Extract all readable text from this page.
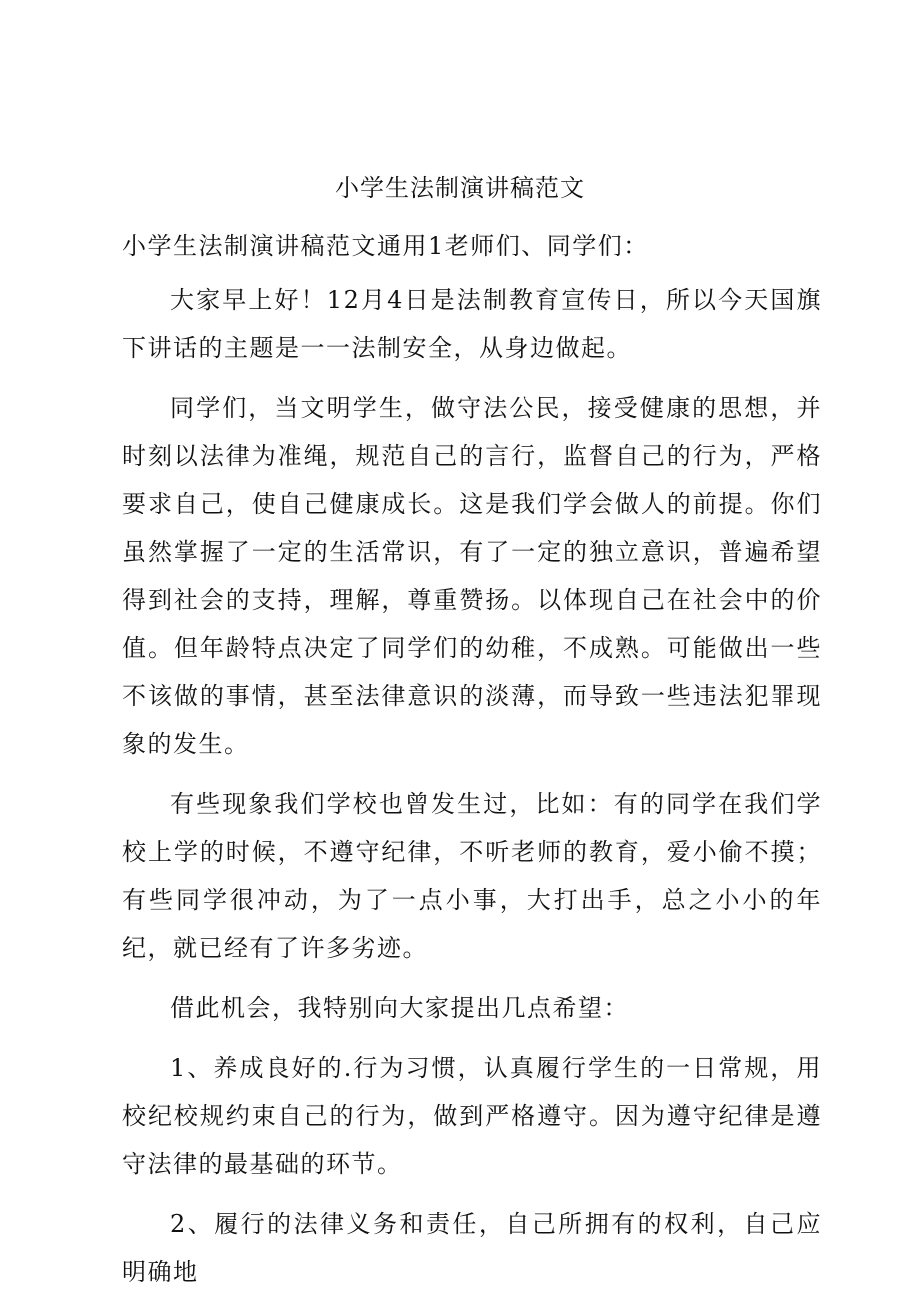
小学生法制演讲稿范文

小学生法制演讲稿范文通用1老师们、同学们：

大家早上好！12月4日是法制教育宣传日，所以今天国旗下讲话的主题是一一法制安全，从身边做起。

同学们，当文明学生，做守法公民，接受健康的思想，并时刻以法律为准绳，规范自己的言行，监督自己的行为，严格要求自己，使自己健康成长。这是我们学会做人的前提。你们虽然掌握了一定的生活常识，有了一定的独立意识，普遍希望得到社会的支持，理解，尊重赞扬。以体现自己在社会中的价值。但年龄特点决定了同学们的幼稚，不成熟。可能做出一些不该做的事情，甚至法律意识的淡薄，而导致一些违法犯罪现象的发生。

有些现象我们学校也曾发生过，比如：有的同学在我们学校上学的时候，不遵守纪律，不听老师的教育，爱小偷不摸；有些同学很冲动，为了一点小事，大打出手，总之小小的年纪，就已经有了许多劣迹。

借此机会，我特别向大家提出几点希望：

1、养成良好的.行为习惯，认真履行学生的一日常规，用校纪校规约束自己的行为，做到严格遵守。因为遵守纪律是遵守法律的最基础的环节。

2、履行的法律义务和责任，自己所拥有的权利，自己应明确地
